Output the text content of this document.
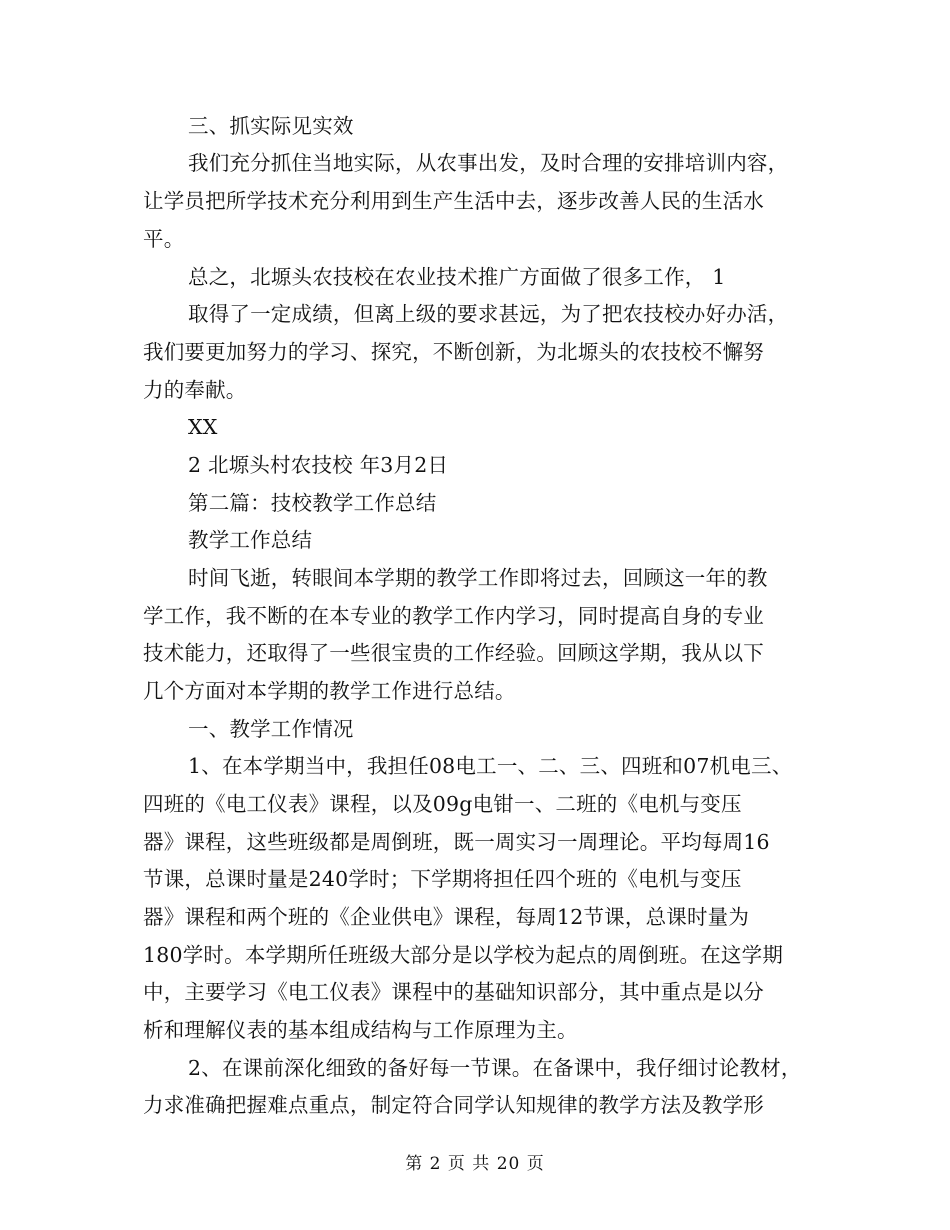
三、抓实际见实效
我们充分抓住当地实际，从农事出发，及时合理的安排培训内容，
让学员把所学技术充分利用到生产生活中去，逐步改善人民的生活水
平。
总之，北塬头农技校在农业技术推广方面做了很多工作， 1
取得了一定成绩，但离上级的要求甚远，为了把农技校办好办活，
我们要更加努力的学习、探究，不断创新，为北塬头的农技校不懈努
力的奉献。
XX
2 北塬头村农技校 年3月2日
第二篇：技校教学工作总结
教学工作总结
时间飞逝，转眼间本学期的教学工作即将过去，回顾这一年的教
学工作，我不断的在本专业的教学工作内学习，同时提高自身的专业
技术能力，还取得了一些很宝贵的工作经验。回顾这学期，我从以下
几个方面对本学期的教学工作进行总结。
一、教学工作情况
1、在本学期当中，我担任08电工一、二、三、四班和07机电三、
四班的《电工仪表》课程，以及09g电钳一、二班的《电机与变压
器》课程，这些班级都是周倒班，既一周实习一周理论。平均每周16
节课，总课时量是240学时；下学期将担任四个班的《电机与变压
器》课程和两个班的《企业供电》课程，每周12节课，总课时量为
180学时。本学期所任班级大部分是以学校为起点的周倒班。在这学期
中，主要学习《电工仪表》课程中的基础知识部分，其中重点是以分
析和理解仪表的基本组成结构与工作原理为主。
2、在课前深化细致的备好每一节课。在备课中，我仔细讨论教材，
力求准确把握难点重点，制定符合同学认知规律的教学方法及教学形
第 2 页 共 20 页
